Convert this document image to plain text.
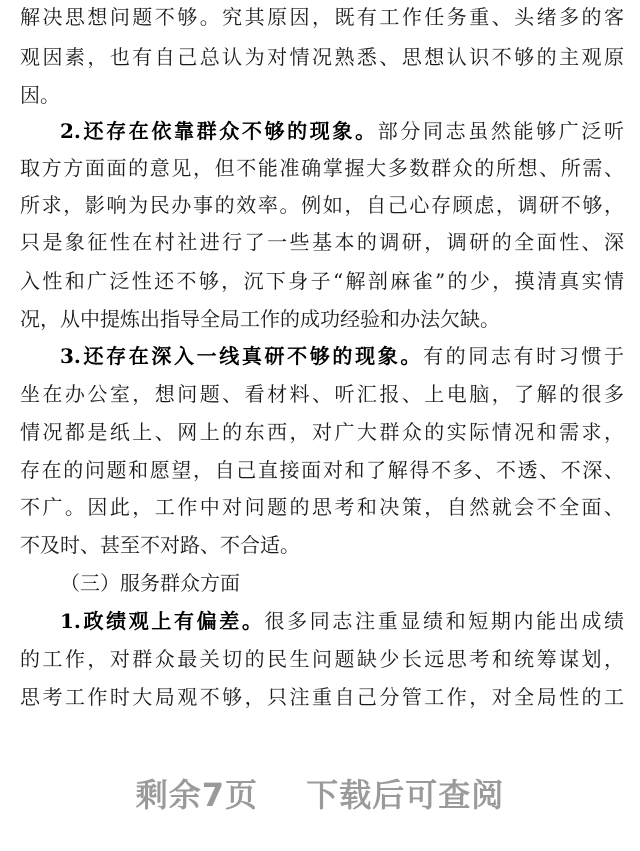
解决思想问题不够。究其原因，既有工作任务重、头绪多的客
观因素，也有自己总认为对情况熟悉、思想认识不够的主观原
因。
2.还存在依靠群众不够的现象。部分同志虽然能够广泛听
取方方面面的意见，但不能准确掌握大多数群众的所想、所需、
所求，影响为民办事的效率。例如，自己心存顾虑，调研不够，
只是象征性在村社进行了一些基本的调研，调研的全面性、深
入性和广泛性还不够，沉下身子“解剖麻雀”的少，摸清真实情
况，从中提炼出指导全局工作的成功经验和办法欠缺。
3.还存在深入一线真研不够的现象。有的同志有时习惯于
坐在办公室，想问题、看材料、听汇报、上电脑，了解的很多
情况都是纸上、网上的东西，对广大群众的实际情况和需求，
存在的问题和愿望，自己直接面对和了解得不多、不透、不深、
不广。因此，工作中对问题的思考和决策，自然就会不全面、
不及时、甚至不对路、不合适。
（三）服务群众方面
1.政绩观上有偏差。很多同志注重显绩和短期内能出成绩
的工作，对群众最关切的民生问题缺少长远思考和统筹谋划，
思考工作时大局观不够，只注重自己分管工作，对全局性的工
剩余7页 下载后可查阅
